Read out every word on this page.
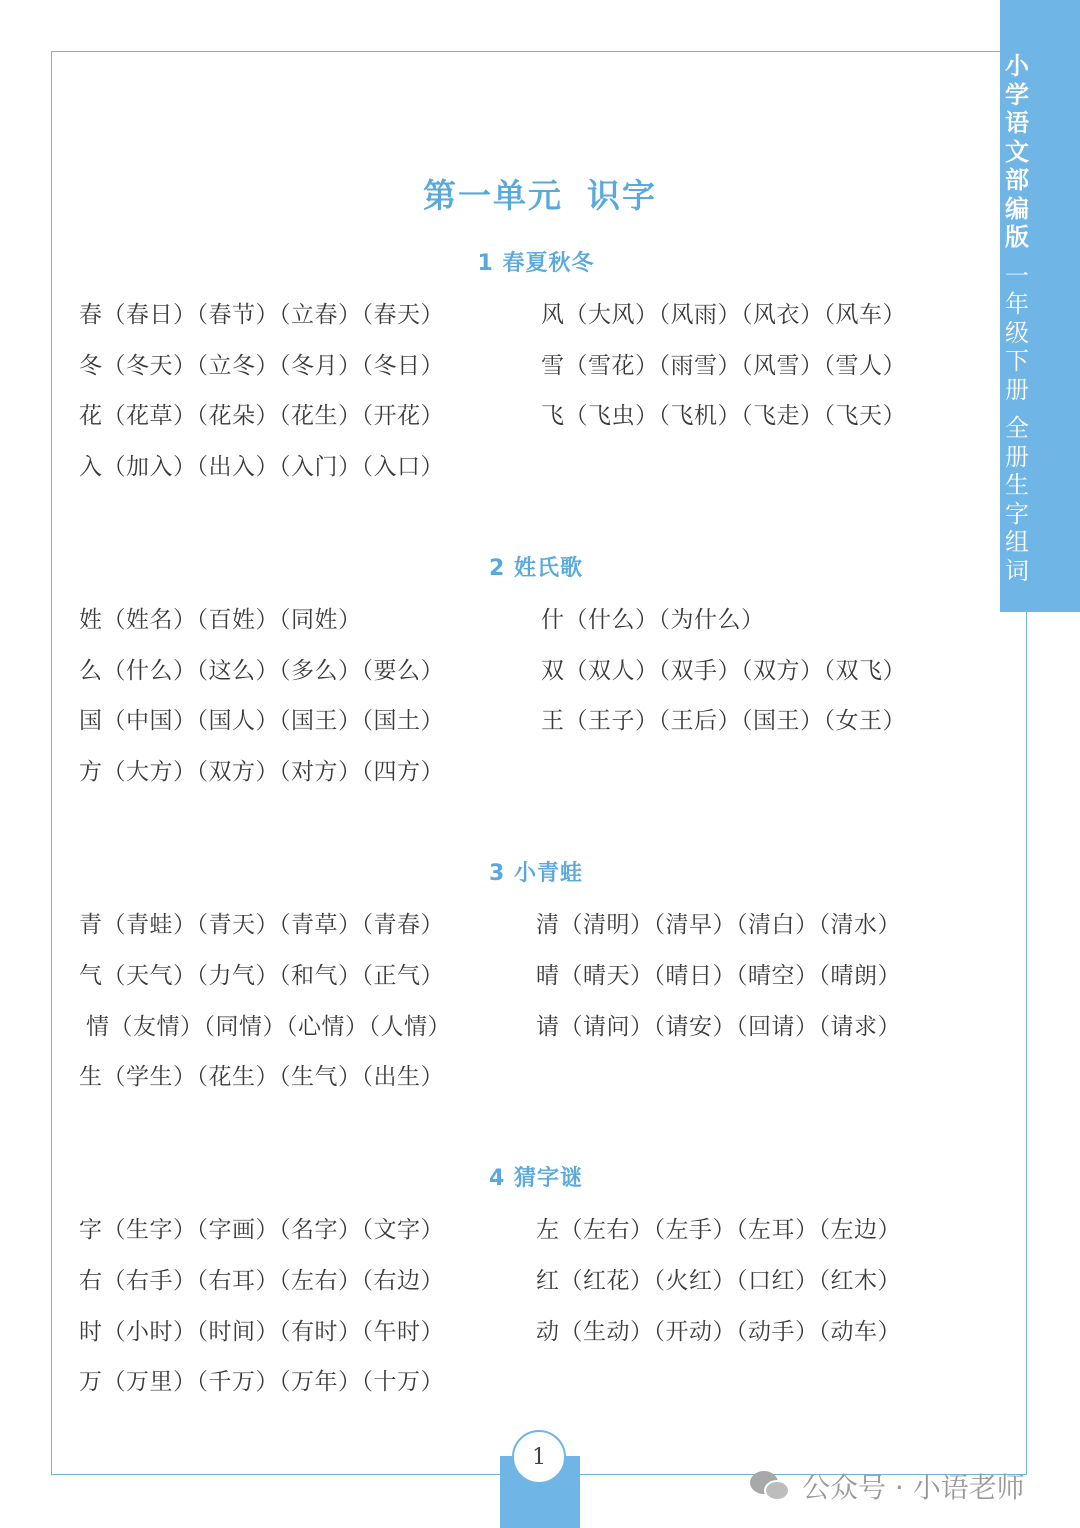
小
学
语
文
部
编
版
一
年
级
下
册
全
册
生
字
组
词
第一单元 识字
1 春夏秋冬
春（春日）（春节）（立春）（春天）
冬（冬天）（立冬）（冬月）（冬日）
花（花草）（花朵）（花生）（开花）
入（加入）（出入）（入门）（入口）
风（大风）（风雨）（风衣）（风车）
雪（雪花）（雨雪）（风雪）（雪人）
飞（飞虫）（飞机）（飞走）（飞天）
2 姓氏歌
姓（姓名）（百姓）（同姓）
么（什么）（这么）（多么）（要么）
国（中国）（国人）（国王）（国土）
方（大方）（双方）（对方）（四方）
什（什么）（为什么）
双（双人）（双手）（双方）（双飞）
王（王子）（王后）（国王）（女王）
3 小青蛙
青（青蛙）（青天）（青草）（青春）
气（天气）（力气）（和气）（正气）
情（友情）（同情）（心情）（人情）
生（学生）（花生）（生气）（出生）
清（清明）（清早）（清白）（清水）
晴（晴天）（晴日）（晴空）（晴朗）
请（请问）（请安）（回请）（请求）
4 猜字谜
字（生字）（字画）（名字）（文字）
右（右手）（右耳）（左右）（右边）
时（小时）（时间）（有时）（午时）
万（万里）（千万）（万年）（十万）
左（左右）（左手）（左耳）（左边）
红（红花）（火红）（口红）（红木）
动（生动）（开动）（动手）（动车）
1
公众号 · 小语老师
